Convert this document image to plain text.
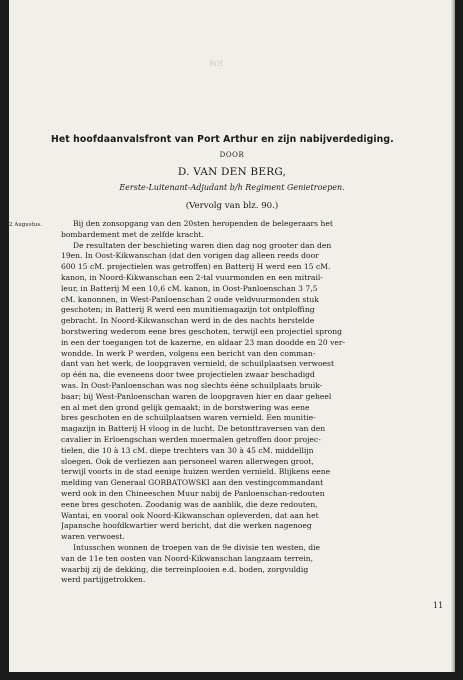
ROI
Het hoofdaanvalsfront van Port Arthur en zijn nabijverdediging.
DOOR
D. VAN DEN BERG,
Eerste-Luitenant-Adjudant b/h Regiment Genietroepen.
(Vervolg van blz. 90.)
2 Augustus.	Bij den zonsopgang van den 20sten heropenden de belegeraars het
bombardement met de zelfde kracht.
De resultaten der beschieting waren dien dag nog grooter dan den
19en. In Oost-Kikwanschan (dat den vorigen dag alleen reeds door
600 15 cM. projectielen was getroffen) en Batterij H werd een 15 cM.
kanon, in Noord-Kikwanschan een 2-tal vuurmonden en een mitrail-
leur, in Batterij M een 10,6 cM. kanon, in Oost-Panloenschan 3 7,5
cM. kanonnen, in West-Panloenschan 2 oude veldvuurmonden stuk
geschoten; in Batterij R werd een munitiemagazijn tot ontploffing
gebracht. In Noord-Kikwanschan werd in de des nachts herstelde
borstwering wederom eene bres geschoten, terwijl een projectiel sprong
in een der toegangen tot de kazerne, en aldaar 23 man doodde en 20 ver-
wondde. In werk P werden, volgens een bericht van den comman-
dant van het werk, de loopgraven vernield, de schuilplaatsen verwoest
op één na, die eveneens door twee projectielen zwaar beschadigd
was. In Oost-Panloenschan was nog slechts ééne schuilplaats bruik-
baar; bij West-Panloenschan waren de loopgraven hier en daar geheel
en al met den grond gelijk gemaakt; in de borstwering was eene
bres geschoten en de schuilplaatsen waren vernield. Een munitie-
magazijn in Batterij H vloog in de lucht. De betonttraversen van den
cavalier in Erloengschan werden moermalen getroffen door projec-
tielen, die 10 à 13 cM. diepe trechters van 30 à 45 cM. middellijn
sloegen. Ook de verliezen aan personeel waren allerwegen groot,
terwijl voorts in de stad eenige huizen werden vernield. Blijkens eene
melding van Generaal GORBATOWSKI aan den vestingcommandant
werd ook in den Chineeschen Muur nabij de Panloenschan-redouten
eene bres geschoten. Zoodanig was de aanblik, die deze redouten,
Wantai, en vooral ook Noord-Kikwanschan opleverden, dat aan het
Japansche hoofdkwartier werd bericht, dat die werken nagenoeg
waren verwoest.
Intusschen wonnen de troepen van de 9e divisie ten westen, die
van de 11e ten oosten van Noord-Kikwanschan langzaam terrein,
waarbij zij de dekking, die terreinplooien e.d. boden, zorgvuldig
werd partijgetrokken.
11
